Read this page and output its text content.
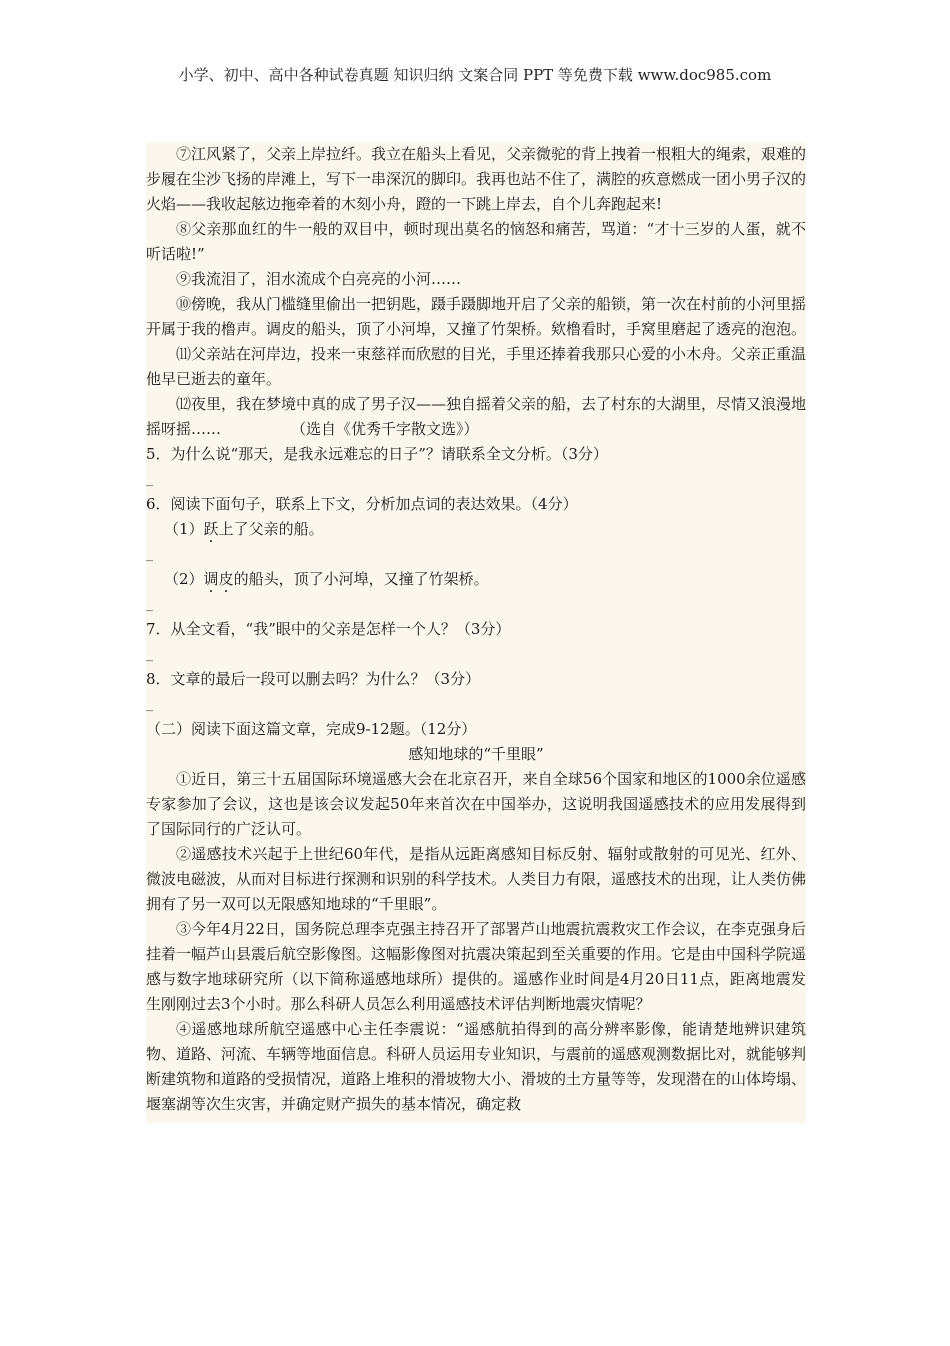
小学、初中、高中各种试卷真题 知识归纳 文案合同 PPT 等免费下载 www.doc985.com

⑦江风紧了，父亲上岸拉纤。我立在船头上看见，父亲微驼的背上拽着一根粗大的绳索，艰难的步履在尘沙飞扬的岸滩上，写下一串深沉的脚印。我再也站不住了，满腔的疚意燃成一团小男子汉的火焰——我收起舷边拖牵着的木刻小舟，蹬的一下跳上岸去，自个儿奔跑起来!

⑧父亲那血红的牛一般的双目中，顿时现出莫名的恼怒和痛苦，骂道：“才十三岁的人蛋，就不听话啦!”

⑨我流泪了，泪水流成个白亮亮的小河……

⑩傍晚，我从门槛缝里偷出一把钥匙，蹑手蹑脚地开启了父亲的船锁，第一次在村前的小河里摇开属于我的橹声。调皮的船头，顶了小河埠，又撞了竹架桥。欸橹看时，手窝里磨起了透亮的泡泡。

⑾父亲站在河岸边，投来一束慈祥而欣慰的目光，手里还捧着我那只心爱的小木舟。父亲正重温他早已逝去的童年。

⑿夜里，我在梦境中真的成了男子汉——独自摇着父亲的船，去了村东的大湖里，尽情又浪漫地摇呀摇……	（选自《优秀千字散文选》）

5．为什么说“那天，是我永远难忘的日子”？请联系全文分析。（3分）

_

6．阅读下面句子，联系上下文，分析加点词的表达效果。（4分）

（1）跃上了父亲的船。

_

（2）调皮的船头，顶了小河埠，又撞了竹架桥。

_

7．从全文看，“我”眼中的父亲是怎样一个人？（3分）

_

8．文章的最后一段可以删去吗？为什么？（3分）

_

（二）阅读下面这篇文章，完成9-12题。（12分）

感知地球的“千里眼”

①近日，第三十五届国际环境遥感大会在北京召开，来自全球56个国家和地区的1000余位遥感专家参加了会议，这也是该会议发起50年来首次在中国举办，这说明我国遥感技术的应用发展得到了国际同行的广泛认可。

②遥感技术兴起于上世纪60年代，是指从远距离感知目标反射、辐射或散射的可见光、红外、微波电磁波，从而对目标进行探测和识别的科学技术。人类目力有限，遥感技术的出现，让人类仿佛拥有了另一双可以无限感知地球的“千里眼”。

③今年4月22日，国务院总理李克强主持召开了部署芦山地震抗震救灾工作会议，在李克强身后挂着一幅芦山县震后航空影像图。这幅影像图对抗震决策起到至关重要的作用。它是由中国科学院遥感与数字地球研究所（以下简称遥感地球所）提供的。遥感作业时间是4月20日11点，距离地震发生刚刚过去3个小时。那么科研人员怎么利用遥感技术评估判断地震灾情呢？

④遥感地球所航空遥感中心主任李震说：“遥感航拍得到的高分辨率影像，能请楚地辨识建筑物、道路、河流、车辆等地面信息。科研人员运用专业知识，与震前的遥感观测数据比对，就能够判断建筑物和道路的受损情况，道路上堆积的滑坡物大小、滑坡的土方量等等，发现潜在的山体垮塌、堰塞湖等次生灾害，并确定财产损失的基本情况，确定救
